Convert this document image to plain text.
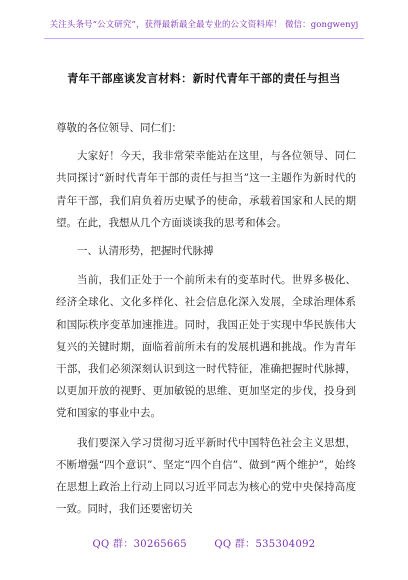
关注头条号“公文研究”，获得最新最全最专业的公文资料库！ 微信：gongwenyj
青年干部座谈发言材料：新时代青年干部的责任与担当

尊敬的各位领导、同仁们：

大家好！今天，我非常荣幸能站在这里，与各位领导、同仁共同探讨“新时代青年干部的责任与担当”这一主题作为新时代的青年干部，我们肩负着历史赋予的使命，承载着国家和人民的期望。在此，我想从几个方面谈谈我的思考和体会。

一、认清形势，把握时代脉搏

当前，我们正处于一个前所未有的变革时代。世界多极化、经济全球化、文化多样化、社会信息化深入发展，全球治理体系和国际秩序变革加速推进。同时，我国正处于实现中华民族伟大复兴的关键时期，面临着前所未有的发展机遇和挑战。作为青年干部，我们必须深刻认识到这一时代特征，准确把握时代脉搏，以更加开放的视野、更加敏锐的思维、更加坚定的步伐，投身到党和国家的事业中去。

我们要深入学习贯彻习近平新时代中国特色社会主义思想，不断增强“四个意识”、坚定“四个自信”、做到“两个维护”，始终在思想上政治上行动上同以习近平同志为核心的党中央保持高度一致。同时，我们还要密切关

QQ 群：30265665	QQ 群：535304092
